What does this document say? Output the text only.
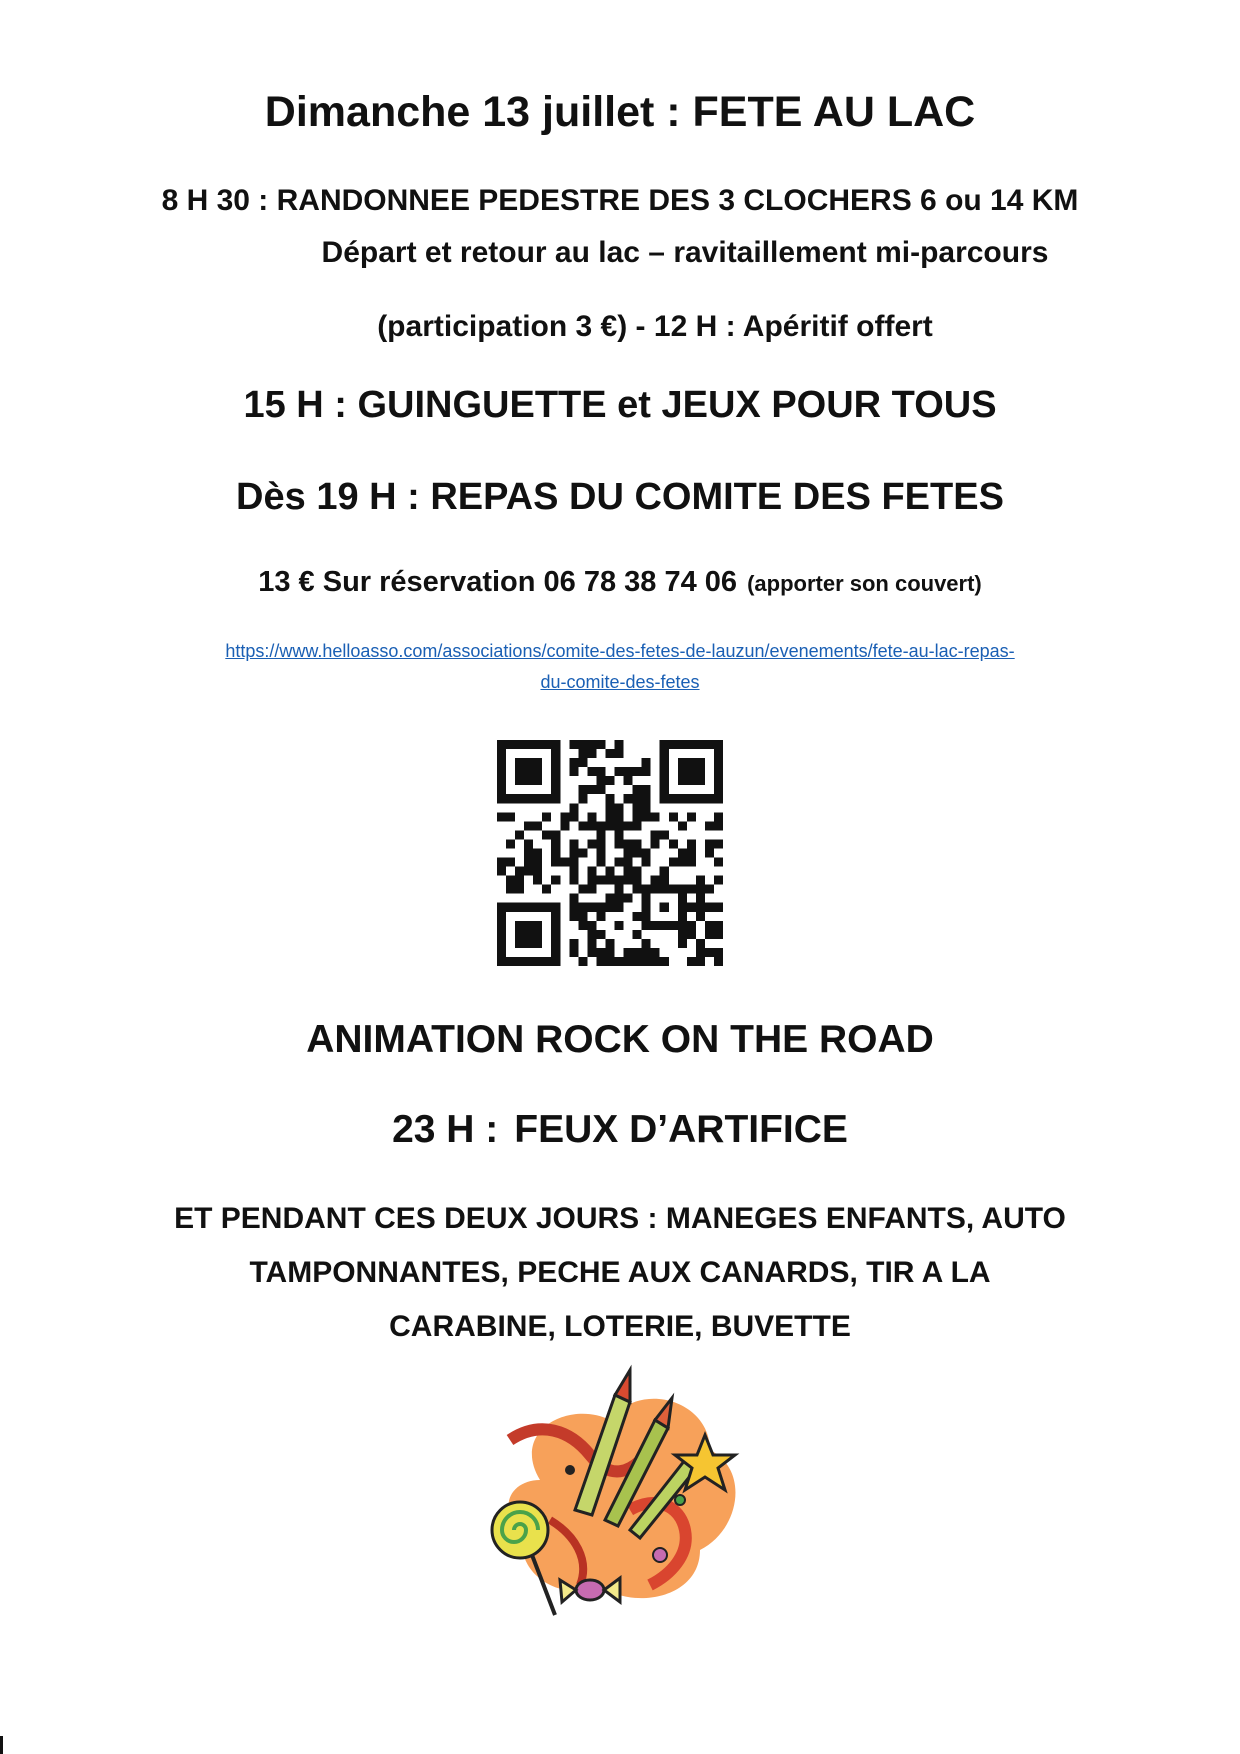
Dimanche 13 juillet : FETE AU LAC
8 H 30 : RANDONNEE PEDESTRE DES 3 CLOCHERS 6 ou 14 KM
Départ et retour au lac – ravitaillement mi-parcours
(participation 3 €) - 12 H : Apéritif offert
15 H : GUINGUETTE et JEUX POUR TOUS
Dès 19 H : REPAS DU COMITE DES FETES
13 € Sur réservation 06 78 38 74 06 (apporter son couvert)
https://www.helloasso.com/associations/comite-des-fetes-de-lauzun/evenements/fete-au-lac-repas-
du-comite-des-fetes
ANIMATION ROCK ON THE ROAD
23 H : FEUX D’ARTIFICE
ET PENDANT CES DEUX JOURS : MANEGES ENFANTS, AUTO
TAMPONNANTES, PECHE AUX CANARDS, TIR A LA
CARABINE, LOTERIE, BUVETTE
